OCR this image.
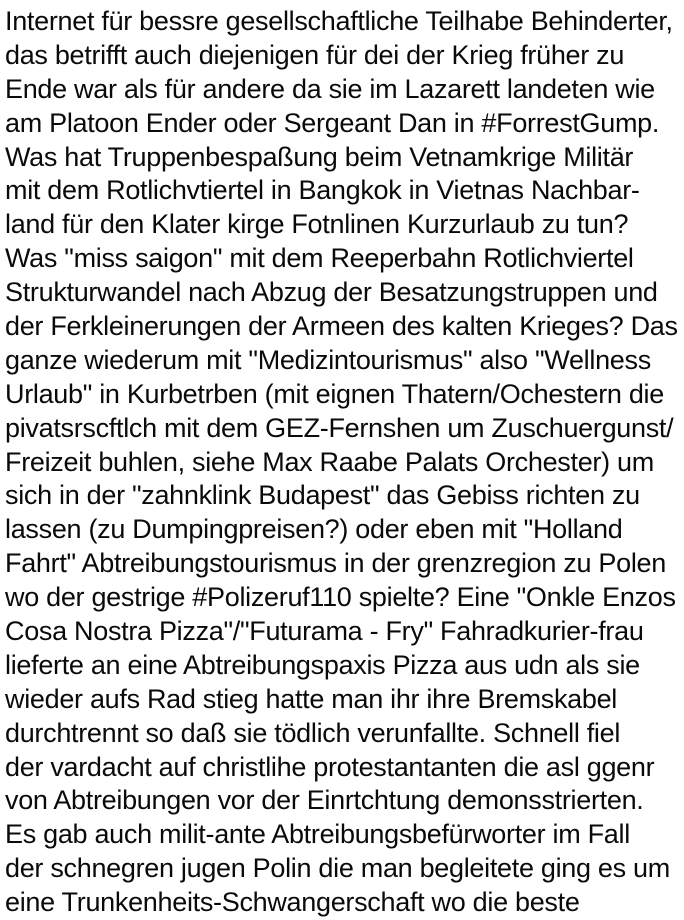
Internet für bessre gesellschaftliche Teilhabe Behinderter,
das betrifft auch diejenigen für dei der Krieg früher zu
Ende war als für andere da sie im Lazarett landeten wie
am Platoon Ender oder Sergeant Dan in #ForrestGump.
Was hat Truppenbespaßung beim Vetnamkrige Militär
mit dem Rotlichvtiertel in Bangkok in Vietnas Nachbar-
land für den Klater kirge Fotnlinen Kurzurlaub zu tun?
Was "miss saigon" mit dem Reeperbahn Rotlichviertel
Strukturwandel nach Abzug der Besatzungstruppen und
der Ferkleinerungen der Armeen des kalten Krieges? Das
ganze wiederum mit "Medizintourismus" also "Wellness
Urlaub" in Kurbetrben (mit eignen Thatern/Ochestern die
pivatsrscftlch mit dem GEZ-Fernshen um Zuschuergunst/
Freizeit buhlen, siehe Max Raabe Palats Orchester) um
sich in der "zahnklink Budapest" das Gebiss richten zu
lassen (zu Dumpingpreisen?) oder eben mit "Holland
Fahrt" Abtreibungstourismus in der grenzregion zu Polen
wo der gestrige #Polizeruf110 spielte? Eine "Onkle Enzos
Cosa Nostra Pizza"/"Futurama - Fry" Fahradkurier-frau
lieferte an eine Abtreibungspaxis Pizza aus udn als sie
wieder aufs Rad stieg hatte man ihr ihre Bremskabel
durchtrennt so daß sie tödlich verunfallte. Schnell fiel
der vardacht auf christlihe protestantanten die asl ggenr
von Abtreibungen vor der Einrtchtung demonsstrierten.
Es gab auch milit-ante Abtreibungsbefürworter im Fall
der schnegren jugen Polin die man begleitete ging es um
eine Trunkenheits-Schwangerschaft wo die beste
